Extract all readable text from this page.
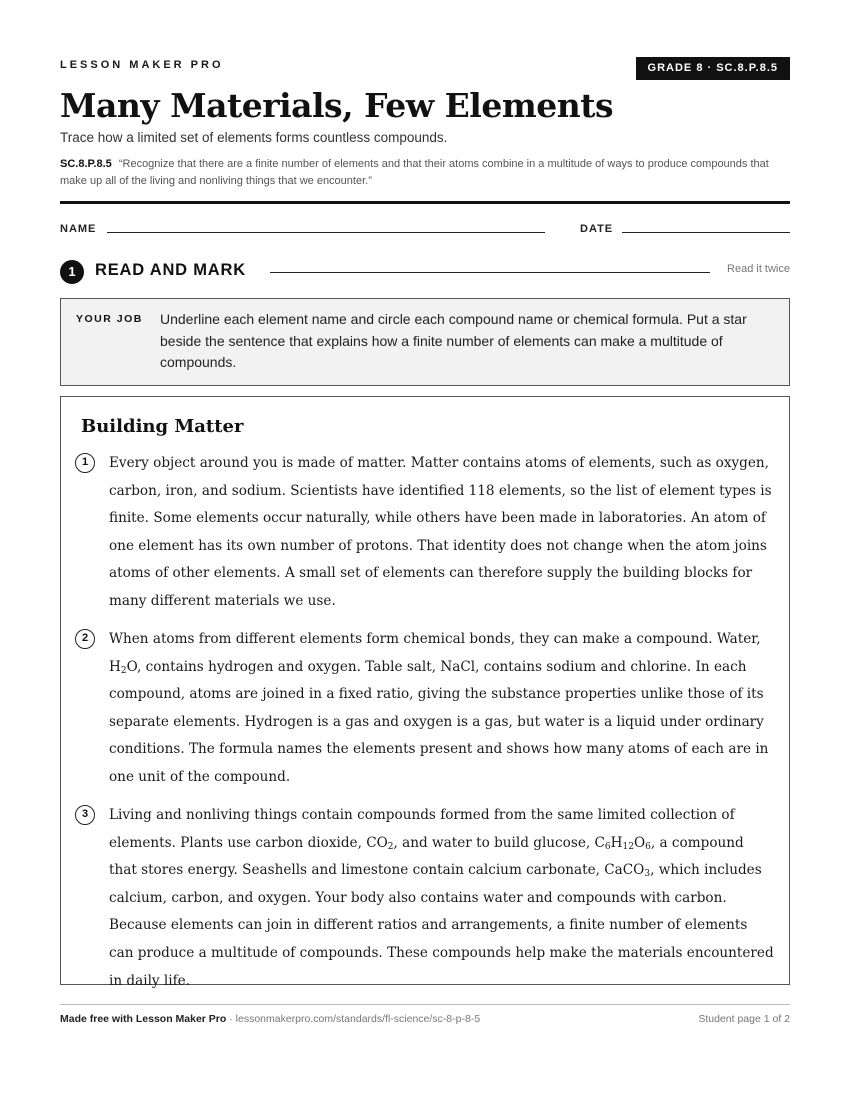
LESSON MAKER PRO	GRADE 8 · SC.8.P.8.5
Many Materials, Few Elements
Trace how a limited set of elements forms countless compounds.
SC.8.P.8.5 “Recognize that there are a finite number of elements and that their atoms combine in a multitude of ways to produce compounds that make up all of the living and nonliving things that we encounter.”
NAME	DATE
1	READ AND MARK	Read it twice
YOUR JOB Underline each element name and circle each compound name or chemical formula. Put a star beside the sentence that explains how a finite number of elements can make a multitude of compounds.
Building Matter
1	Every object around you is made of matter. Matter contains atoms of elements, such as oxygen, carbon, iron, and sodium. Scientists have identified 118 elements, so the list of element types is finite. Some elements occur naturally, while others have been made in laboratories. An atom of one element has its own number of protons. That identity does not change when the atom joins atoms of other elements. A small set of elements can therefore supply the building blocks for many different materials we use.
2	When atoms from different elements form chemical bonds, they can make a compound. Water, $H_2O$, contains hydrogen and oxygen. Table salt, NaCl, contains sodium and chlorine. In each compound, atoms are joined in a fixed ratio, giving the substance properties unlike those of its separate elements. Hydrogen is a gas and oxygen is a gas, but water is a liquid under ordinary conditions. The formula names the elements present and shows how many atoms of each are in one unit of the compound.
3	Living and nonliving things contain compounds formed from the same limited collection of elements. Plants use carbon dioxide, $CO_2$, and water to build glucose, $C_6H_{12}O_6$, a compound that stores energy. Seashells and limestone contain calcium carbonate, CaCO$_3$, which includes calcium, carbon, and oxygen. Your body also contains water and compounds with carbon. Because elements can join in different ratios and arrangements, a finite number of elements can produce a multitude of compounds. These compounds help make the materials encountered in daily life.
Made free with Lesson Maker Pro · lessonmakerpro.com/standards/fl-science/sc-8-p-8-5	Student page 1 of 2
